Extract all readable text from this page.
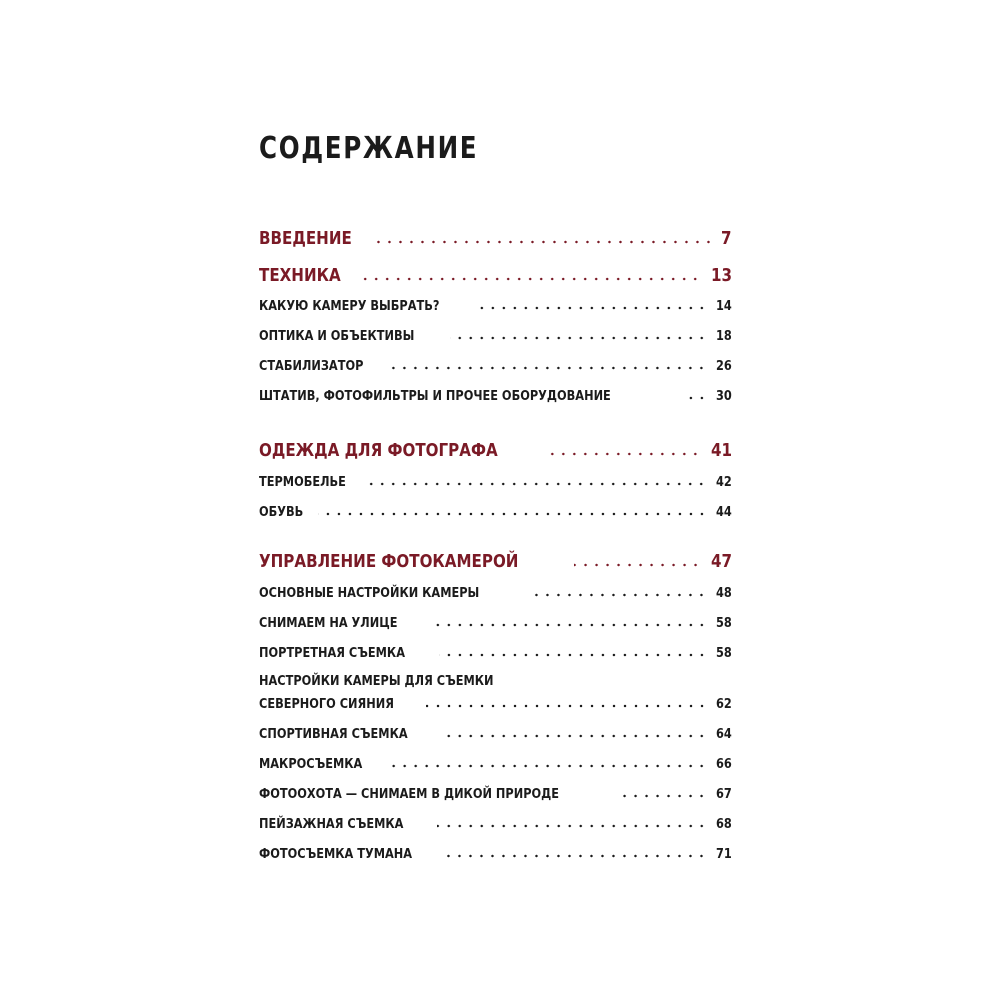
СОДЕРЖАНИЕ
ВВЕДЕНИЕ	7
ТЕХНИКА	13
КАКУЮ КАМЕРУ ВЫБРАТЬ?	14
ОПТИКА И ОБЪЕКТИВЫ	18
СТАБИЛИЗАТОР	26
ШТАТИВ, ФОТОФИЛЬТРЫ И ПРОЧЕЕ ОБОРУДОВАНИЕ	30
ОДЕЖДА ДЛЯ ФОТОГРАФА	41
ТЕРМОБЕЛЬЕ	42
ОБУВЬ	44
УПРАВЛЕНИЕ ФОТОКАМЕРОЙ	47
ОСНОВНЫЕ НАСТРОЙКИ КАМЕРЫ	48
СНИМАЕМ НА УЛИЦЕ	58
ПОРТРЕТНАЯ СЪЕМКА	58
НАСТРОЙКИ КАМЕРЫ ДЛЯ СЪЕМКИ
СЕВЕРНОГО СИЯНИЯ	62
СПОРТИВНАЯ СЪЕМКА	64
МАКРОСЪЕМКА	66
ФОТООХОТА — СНИМАЕМ В ДИКОЙ ПРИРОДЕ	67
ПЕЙЗАЖНАЯ СЪЕМКА	68
ФОТОСЪЕМКА ТУМАНА	71
